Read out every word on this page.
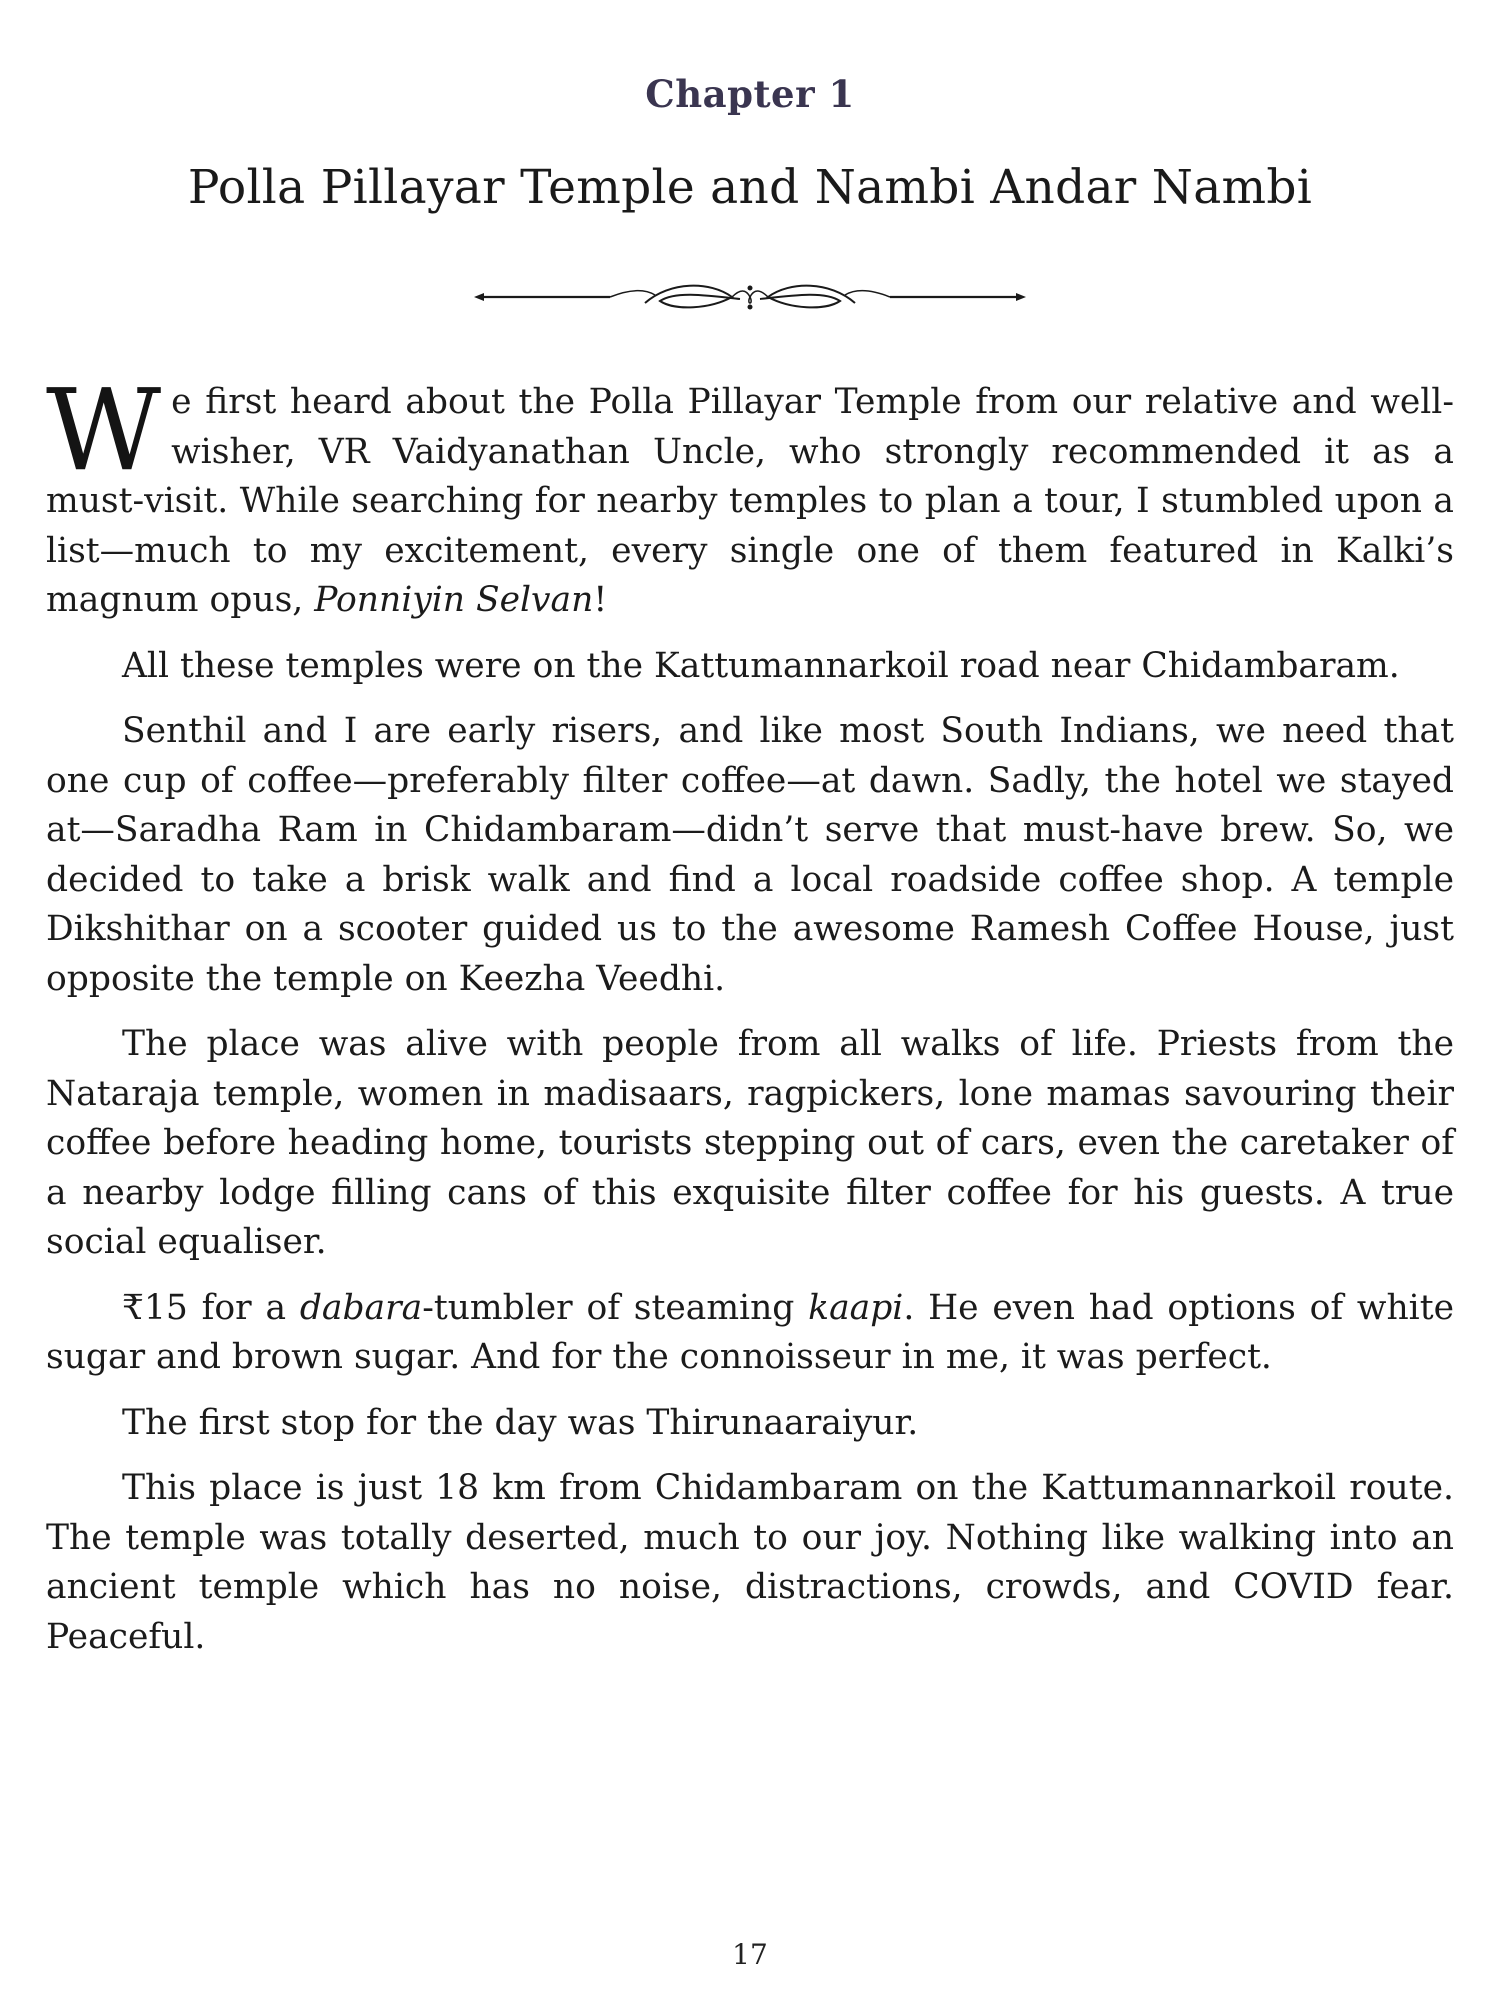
Chapter 1
Polla Pillayar Temple and Nambi Andar Nambi

We first heard about the Polla Pillayar Temple from our relative and well-wisher, VR Vaidyanathan Uncle, who strongly recommended it as a must-visit. While searching for nearby temples to plan a tour, I stumbled upon a list—much to my excitement, every single one of them featured in Kalki’s magnum opus, Ponniyin Selvan!

All these temples were on the Kattumannarkoil road near Chidambaram.

Senthil and I are early risers, and like most South Indians, we need that one cup of coffee—preferably filter coffee—at dawn. Sadly, the hotel we stayed at—Saradha Ram in Chidambaram—didn’t serve that must-have brew. So, we decided to take a brisk walk and find a local roadside coffee shop. A temple Dikshithar on a scooter guided us to the awesome Ramesh Coffee House, just opposite the temple on Keezha Veedhi.

The place was alive with people from all walks of life. Priests from the Nataraja temple, women in madisaars, ragpickers, lone mamas savouring their coffee before heading home, tourists stepping out of cars, even the caretaker of a nearby lodge filling cans of this exquisite filter coffee for his guests. A true social equaliser.

₹15 for a dabara-tumbler of steaming kaapi. He even had options of white sugar and brown sugar. And for the connoisseur in me, it was perfect.

The first stop for the day was Thirunaaraiyur.

This place is just 18 km from Chidambaram on the Kattumannarkoil route. The temple was totally deserted, much to our joy. Nothing like walking into an ancient temple which has no noise, distractions, crowds, and COVID fear. Peaceful.

17
